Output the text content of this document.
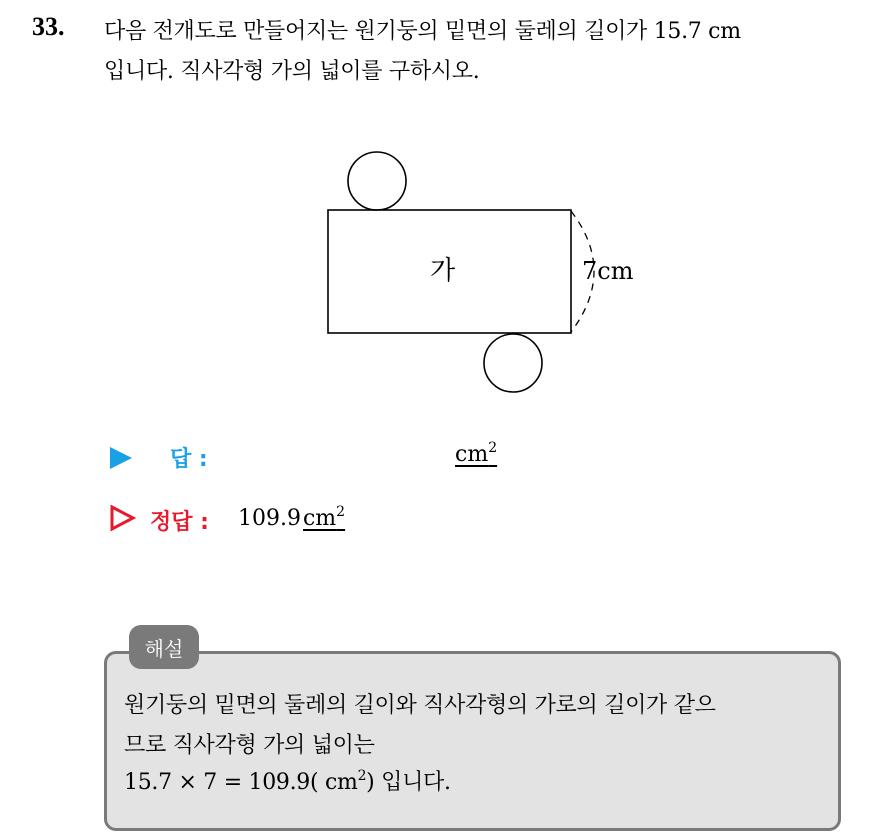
33. 다음 전개도로 만들어지는 원기둥의 밑면의 둘레의 길이가 15.7 cm
입니다. 직사각형 가의 넓이를 구하시오.
가	7cm
답 :	$cm^2$
정답 : $109.9cm^2$
해설
원기둥의 밑면의 둘레의 길이와 직사각형의 가로의 길이가 같으
므로 직사각형 가의 넓이는
15.7 × 7 = 109.9( $cm^2$) 입니다.
